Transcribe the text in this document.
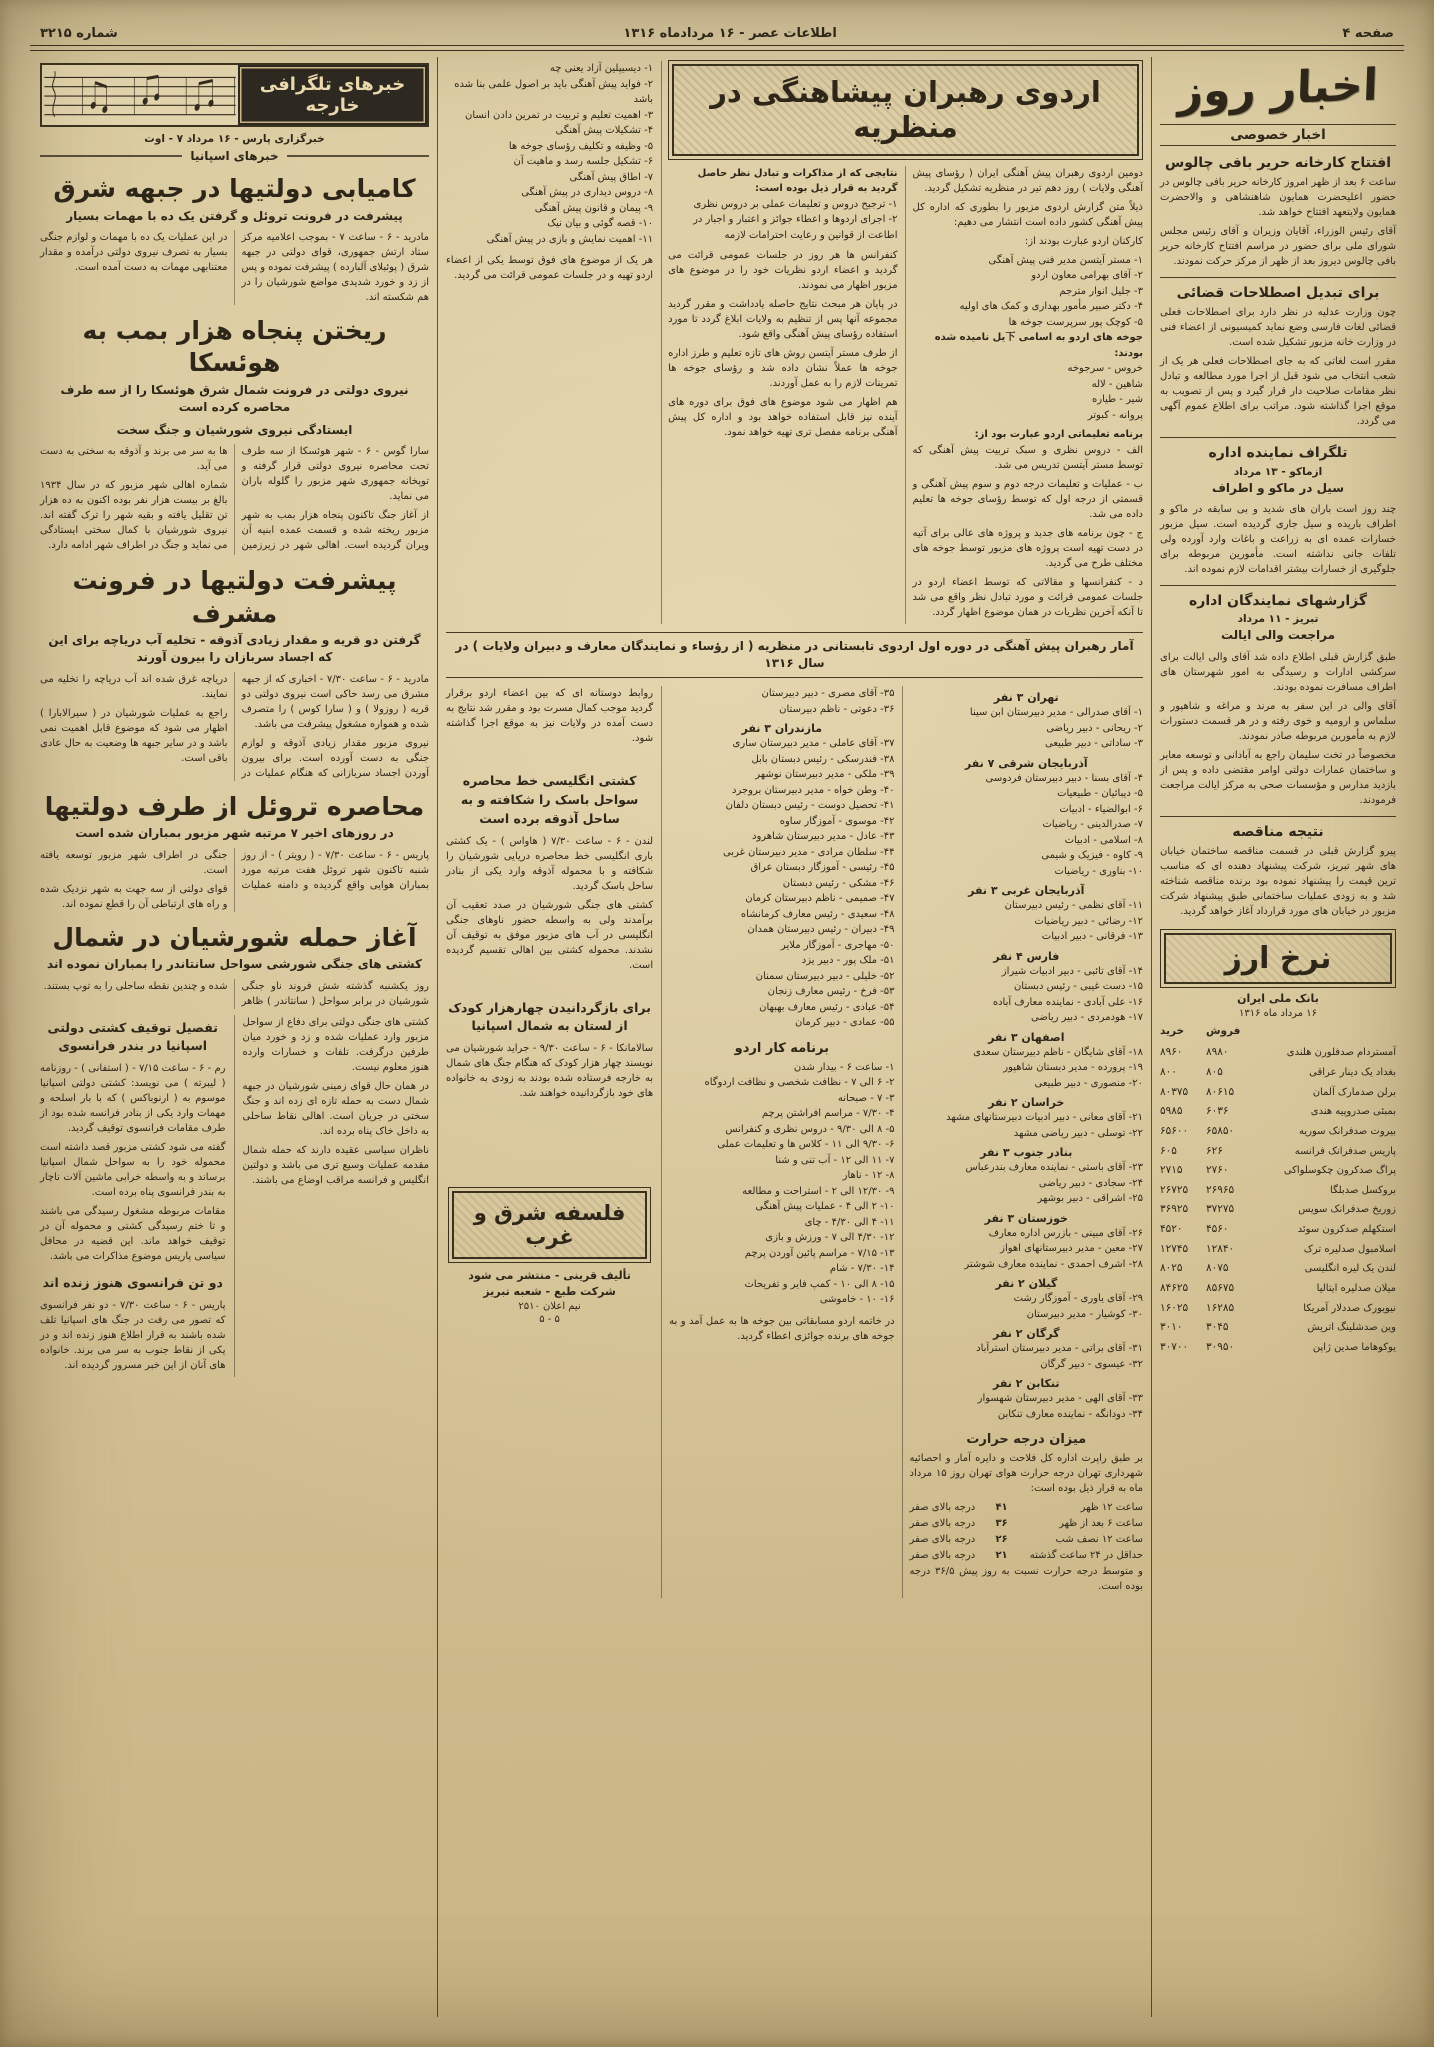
صفحه ۴
اطلاعات عصر - ۱۶ مردادماه ۱۳۱۶
شماره ۳۲۱۵
اخبار روز
اخبار خصوصی
افتتاح کارخانه حریر بافی چالوس

ساعت ۶ بعد از ظهر امروز کارخانه حریر بافی چالوس در حضور اعلیحضرت همایون شاهنشاهی و والاحضرت همایون ولایتعهد افتتاح خواهد شد.

آقای رئیس الوزراء، آقایان وزیران و آقای رئیس مجلس شورای ملی برای حضور در مراسم افتتاح کارخانه حریر بافی چالوس دیروز بعد از ظهر از مرکز حرکت نمودند.

برای تبدیل اصطلاحات قضائی

چون وزارت عدلیه در نظر دارد برای اصطلاحات فعلی قضائی لغات فارسی وضع نماید کمیسیونی از اعضاء فنی در وزارت خانه مزبور تشکیل شده است.

مقرر است لغاتی که به جای اصطلاحات فعلی هر یک از شعب انتخاب می شود قبل از اجرا مورد مطالعه و تبادل نظر مقامات صلاحیت دار قرار گیرد و پس از تصویب به موقع اجرا گذاشته شود. مراتب برای اطلاع عموم آگهی می گردد.

تلگراف نماینده اداره
ازماکو - ۱۳ مرداد
سیل در ماکو و اطراف

چند روز است باران های شدید و بی سابقه در ماکو و اطراف باریده و سیل جاری گردیده است. سیل مزبور خسارات عمده ای به زراعت و باغات وارد آورده ولی تلفات جانی نداشته است. مأمورین مربوطه برای جلوگیری از خسارات بیشتر اقدامات لازم نموده اند.

گزارشهای نمایندگان اداره
تبریز - ۱۱ مرداد
مراجعت والی ایالت

طبق گزارش قبلی اطلاع داده شد آقای والی ایالت برای سرکشی ادارات و رسیدگی به امور شهرستان های اطراف مسافرت نموده بودند.

آقای والی در این سفر به مرند و مراغه و شاهپور و سلماس و ارومیه و خوی رفته و در هر قسمت دستورات لازم به مأمورین مربوطه صادر نمودند.

مخصوصاً در تخت سلیمان راجع به آبادانی و توسعه معابر و ساختمان عمارات دولتی اوامر مقتضی داده و پس از بازدید مدارس و مؤسسات صحی به مرکز ایالت مراجعت فرمودند.

نتیجه مناقصه

پیرو گزارش قبلی در قسمت مناقصه ساختمان خیابان های شهر تبریز، شرکت پیشنهاد دهنده ای که مناسب ترین قیمت را پیشنهاد نموده بود برنده مناقصه شناخته شد و به زودی عملیات ساختمانی طبق پیشنهاد شرکت مزبور در خیابان های مورد قرارداد آغاز خواهد گردید.

نرخ ارز
بانک ملی ایران
۱۶ مرداد ماه ۱۳۱۶
فروش
خرید
آمستردام صدفلورن هلندی
۸۹۸۰
۸۹۶۰
بغداد یک دینار عراقی
۸۰۵
۸۰۰
برلن صدمارک آلمان
۸۰۶۱۵
۸۰۳۷۵
بمبئی صدروپیه هندی
۶۰۳۶
۵۹۸۵
بیروت صدفرانک سوریه
۶۵۸۵۰
۶۵۶۰۰
پاریس صدفرانک فرانسه
۶۲۶
۶۰۵
پراگ صدکرون چکوسلواکی
۲۷۶۰
۲۷۱۵
بروکسل صدبلگا
۲۶۹۶۵
۲۶۷۲۵
زوریخ صدفرانک سویس
۳۷۲۷۵
۳۶۹۲۵
استکهلم صدکرون سوئد
۴۵۶۰
۴۵۲۰
اسلامبول صدلیره ترک
۱۲۸۴۰
۱۲۷۴۵
لندن یک لیره انگلیسی
۸۰۷۵
۸۰۲۵
میلان صدلیره ایتالیا
۸۵۶۷۵
۸۴۶۲۵
نیویورک صددلار آمریکا
۱۶۲۸۵
۱۶۰۲۵
وین صدشلینگ اتریش
۳۰۴۵
۳۰۱۰
یوکوهاما صدین ژاپن
۳۰۹۵۰
۳۰۷۰۰
اردوی رهبران پیشاهنگی در منظریه

دومین اردوی رهبران پیش آهنگی ایران ( رؤسای پیش آهنگی ولایات ) روز دهم تیر در منظریه تشکیل گردید.

ذیلاً متن گزارش اردوی مزبور را بطوری که اداره کل پیش آهنگی کشور داده است انتشار می دهیم:

کارکنان اردو عبارت بودند از:

۱- مستر آیتسن مدیر فنی پیش آهنگی
۲- آقای بهرامی معاون اردو
۳- جلیل انوار مترجم
۴- دکتر صبیر مأمور بهداری و کمک های اولیه
۵- کوچک پور سرپرست جوخه ها
جوخه های اردو به اسامی 下یل نامیده شده بودند:
خروس - سرجوخه
شاهین - لاله
شیر - طیاره
پروانه - کبوتر
برنامه تعلیماتی اردو عبارت بود از:

الف - دروس نظری و سبک تربیت پیش آهنگی که توسط مستر آیتسن تدریس می شد.

ب - عملیات و تعلیمات درجه دوم و سوم پیش آهنگی و قسمتی از درجه اول که توسط رؤسای جوخه ها تعلیم داده می شد.

ج - چون برنامه های جدید و پروژه های عالی برای آتیه در دست تهیه است پروژه های مزبور توسط جوخه های مختلف طرح می گردید.

د - کنفرانسها و مقالاتی که توسط اعضاء اردو در جلسات عمومی قرائت و مورد تبادل نظر واقع می شد تا آنکه آخرین نظریات در همان موضوع اظهار گردد.

نتایجی که از مذاکرات و تبادل نظر حاصل گردید به قرار ذیل بوده است:
۱- ترجیح دروس و تعلیمات عملی بر دروس نظری
۲- اجرای اردوها و اعطاء جوائز و اعتبار و اجبار در اطاعت از قوانین و رعایت احترامات لازمه

کنفرانس ها هر روز در جلسات عمومی قرائت می گردید و اعضاء اردو نظریات خود را در موضوع های مزبور اظهار می نمودند.

در پایان هر مبحث نتایج حاصله یادداشت و مقرر گردید مجموعه آنها پس از تنظیم به ولایات ابلاغ گردد تا مورد استفاده رؤسای پیش آهنگی واقع شود.

از طرف مستر آیتسن روش های تازه تعلیم و طرز اداره جوخه ها عملاً نشان داده شد و رؤسای جوخه ها تمرینات لازم را به عمل آوردند.

هم اظهار می شود موضوع های فوق برای دوره های آینده نیز قابل استفاده خواهد بود و اداره کل پیش آهنگی برنامه مفصل تری تهیه خواهد نمود.

۱- دیسیپلین آزاد یعنی چه
۲- فواید پیش آهنگی باید بر اصول علمی بنا شده باشد
۳- اهمیت تعلیم و تربیت در تمرین دادن انسان
۴- تشکیلات پیش آهنگی
۵- وظیفه و تکلیف رؤسای جوخه ها
۶- تشکیل جلسه رسد و ماهیت آن
۷- اطاق پیش آهنگی
۸- دروس دیداری در پیش آهنگی
۹- پیمان و قانون پیش آهنگی
۱۰- قصه گوئی و بیان نیک
۱۱- اهمیت نمایش و بازی در پیش آهنگی

هر یک از موضوع های فوق توسط یکی از اعضاء اردو تهیه و در جلسات عمومی قرائت می گردید.

آمار رهبران پیش آهنگی در دوره اول اردوی تابستانی در منظریه ( از رؤساء و نمایندگان معارف و دبیران ولایات ) در سال ۱۳۱۶
تهران ۳ نفر
۱- آقای صدرالی - مدیر دبیرستان ابن سینا
۲- ریحانی - دبیر ریاضی
۳- ساداتی - دبیر طبیعی
آذربایجان شرقی ۷ نفر
۴- آقای بسنا - دبیر دبیرستان فردوسی
۵- دیبائیان - طبیعیات
۶- ابوالضیاء - ادبیات
۷- صدرالدینی - ریاضیات
۸- اسلامی - ادبیات
۹- کاوه - فیزیک و شیمی
۱۰- بناوری - ریاضیات
آذربایجان غربی ۳ نفر
۱۱- آقای نظمی - رئیس دبیرستان
۱۲- رضائی - دبیر ریاضیات
۱۳- فرقانی - دبیر ادبیات
فارس ۴ نفر
۱۴- آقای تائبی - دبیر ادبیات شیراز
۱۵- دست غیبی - رئیس دبستان
۱۶- علی آبادی - نماینده معارف آباده
۱۷- هودمردی - دبیر ریاضی
اصفهان ۳ نفر
۱۸- آقای شایگان - ناظم دبیرستان سعدی
۱۹- پرورده - مدیر دبستان شاهپور
۲۰- منصوری - دبیر طبیعی
خراسان ۲ نفر
۲۱- آقای معانی - دبیر ادبیات دبیرستانهای مشهد
۲۲- توسلی - دبیر ریاضی مشهد
بنادر جنوب ۳ نفر
۲۳- آقای باستی - نماینده معارف بندرعباس
۲۴- سجادی - دبیر ریاضی
۲۵- اشراقی - دبیر بوشهر
خوزستان ۳ نفر
۲۶- آقای مبینی - بازرس اداره معارف
۲۷- معین - مدیر دبیرستانهای اهواز
۲۸- اشرف احمدی - نماینده معارف شوشتر
گیلان ۲ نفر
۲۹- آقای یاوری - آموزگار رشت
۳۰- کوشیار - مدیر دبیرستان
گرگان ۲ نفر
۳۱- آقای براتی - مدیر دبیرستان استرآباد
۳۲- عیسوی - دبیر گرگان
تنکابن ۲ نفر
۳۳- آقای الهی - مدیر دبیرستان شهسوار
۳۴- دودانگه - نماینده معارف تنکابن
میزان درجه حرارت

بر طبق راپرت اداره کل فلاحت و دایره آمار و احصائیه شهرداری تهران درجه حرارت هوای تهران روز ۱۵ مرداد ماه به قرار ذیل بوده است:

ساعت ۱۲ ظهر
۴۱
درجه بالای صفر
ساعت ۶ بعد از ظهر
۳۶
درجه بالای صفر
ساعت ۱۲ نصف شب
۲۶
درجه بالای صفر
حداقل در ۲۴ ساعت گذشته
۲۱
درجه بالای صفر

و متوسط درجه حرارت نسبت به روز پیش ۳۶/۵ درجه بوده است.

۳۵- آقای مصری - دبیر دبیرستان
۳۶- دعوتی - ناظم دبیرستان
مازندران ۳ نفر
۳۷- آقای عاملی - مدیر دبیرستان ساری
۳۸- فندرسکی - رئیس دبستان بابل
۳۹- ملکی - مدیر دبیرستان نوشهر
۴۰- وطن خواه - مدیر دبیرستان بروجرد
۴۱- تحصیل دوست - رئیس دبستان دلفان
۴۲- موسوی - آموزگار ساوه
۴۳- عادل - مدیر دبیرستان شاهرود
۴۴- سلطان مرادی - مدیر دبیرستان غربی
۴۵- رئیسی - آموزگار دبستان عراق
۴۶- مشکی - رئیس دبستان
۴۷- صمیمی - ناظم دبیرستان کرمان
۴۸- سعیدی - رئیس معارف کرمانشاه
۴۹- دبیران - رئیس دبیرستان همدان
۵۰- مهاجری - آموزگار ملایر
۵۱- ملک پور - دبیر یزد
۵۲- خلیلی - دبیر دبیرستان سمنان
۵۳- فرخ - رئیس معارف زنجان
۵۴- عبادی - رئیس معارف بهبهان
۵۵- عمادی - دبیر کرمان
برنامه کار اردو
۱- ساعت ۶ - بیدار شدن
۲- ۶ الی ۷ - نظافت شخصی و نظافت اردوگاه
۳- ۷ - صبحانه
۴- ۷/۳۰ - مراسم افراشتن پرچم
۵- ۸ الی ۹/۳۰ - دروس نظری و کنفرانس
۶- ۹/۳۰ الی ۱۱ - کلاس ها و تعلیمات عملی
۷- ۱۱ الی ۱۲ - آب تنی و شنا
۸- ۱۲ - ناهار
۹- ۱۲/۳۰ الی ۲ - استراحت و مطالعه
۱۰- ۲ الی ۴ - عملیات پیش آهنگی
۱۱- ۴ الی ۴/۳۰ - چای
۱۲- ۴/۳۰ الی ۷ - ورزش و بازی
۱۳- ۷/۱۵ - مراسم پائین آوردن پرچم
۱۴- ۷/۳۰ - شام
۱۵- ۸ الی ۱۰ - کمپ فایر و تفریحات
۱۶- ۱۰ - خاموشی

در خاتمه اردو مسابقاتی بین جوخه ها به عمل آمد و به جوخه های برنده جوائزی اعطاء گردید.

روابط دوستانه ای که بین اعضاء اردو برقرار گردید موجب کمال مسرت بود و مقرر شد نتایج به دست آمده در ولایات نیز به موقع اجرا گذاشته شود.

کشتی انگلیسی خط محاصره سواحل باسک را شکافته و به ساحل آذوقه برده است

لندن - ۶ - ساعت ۷/۳۰ ( هاواس ) - یک کشتی باری انگلیسی خط محاصره دریایی شورشیان را شکافته و با محموله آذوقه وارد یکی از بنادر ساحل باسک گردید.

کشتی های جنگی شورشیان در صدد تعقیب آن برآمدند ولی به واسطه حضور ناوهای جنگی انگلیسی در آب های مزبور موفق به توقیف آن نشدند. محموله کشتی بین اهالی تقسیم گردیده است.

برای بازگردانیدن چهارهزار کودک از لستان به شمال اسپانیا

سالامانکا - ۶ - ساعت ۹/۳۰ - جراید شورشیان می نویسند چهار هزار کودک که هنگام جنگ های شمال به خارجه فرستاده شده بودند به زودی به خانواده های خود بازگردانیده خواهند شد.

فلسفه شرق و غرب
تألیف قرینی - منتشر می شود
شرکت طبع - شعبه تبریز
نیم اعلان ۲۵۱۰
۵ - ۵
خبرهای تلگرافی خارجه
خبرگزاری پارس - ۱۶ مرداد ۷ - اوت
خبرهای اسپانیا
کامیابی دولتیها در جبهه شرق
پیشرفت در فرونت تروئل و گرفتن یک ده با مهمات بسیار

مادرید - ۶ - ساعت ۷ - بموجب اعلامیه مرکز ستاد ارتش جمهوری، قوای دولتی در جبهه شرق ( پوئبلای آلبارده ) پیشرفت نموده و پس از زد و خورد شدیدی مواضع شورشیان را در هم شکسته اند.

در این عملیات یک ده با مهمات و لوازم جنگی بسیار به تصرف نیروی دولتی درآمده و مقدار معتنابهی مهمات به دست آمده است.

ریختن پنجاه هزار بمب به هوئسکا
نیروی دولتی در فرونت شمال شرق هوئسکا را از سه طرف محاصره کرده است
ایستادگی نیروی شورشیان و جنگ سخت

سارا گوس - ۶ - شهر هوئسکا از سه طرف تحت محاصره نیروی دولتی قرار گرفته و توپخانه جمهوری شهر مزبور را گلوله باران می نماید.

از آغاز جنگ تاکنون پنجاه هزار بمب به شهر مزبور ریخته شده و قسمت عمده ابنیه آن ویران گردیده است. اهالی شهر در زیرزمین ها به سر می برند و آذوقه به سختی به دست می آید.

شماره اهالی شهر مزبور که در سال ۱۹۳۴ بالغ بر بیست هزار نفر بوده اکنون به ده هزار تن تقلیل یافته و بقیه شهر را ترک گفته اند. نیروی شورشیان با کمال سختی ایستادگی می نماید و جنگ در اطراف شهر ادامه دارد.

پیشرفت دولتیها در فرونت مشرف
گرفتن دو قریه و مقدار زیادی آذوقه - تخلیه آب دریاچه برای این که اجساد سربازان را بیرون آورند

مادرید - ۶ - ساعت ۷/۳۰ - اخباری که از جبهه مشرق می رسد حاکی است نیروی دولتی دو قریه ( روزولا ) و ( سارا کوس ) را متصرف شده و همواره مشغول پیشرفت می باشد.

نیروی مزبور مقدار زیادی آذوقه و لوازم جنگی به دست آورده است. برای بیرون آوردن اجساد سربازانی که هنگام عملیات در دریاچه غرق شده اند آب دریاچه را تخلیه می نمایند.

راجع به عملیات شورشیان در ( سیرالابارا ) اظهار می شود که موضوع قابل اهمیت نمی باشد و در سایر جبهه ها وضعیت به حال عادی باقی است.

محاصره تروئل از طرف دولتیها
در روزهای اخیر ۷ مرتبه شهر مزبور بمباران شده است

پاریس - ۶ - ساعت ۷/۳۰ - ( رویتر ) - از روز شنبه تاکنون شهر تروئل هفت مرتبه مورد بمباران هوایی واقع گردیده و دامنه عملیات جنگی در اطراف شهر مزبور توسعه یافته است.

قوای دولتی از سه جهت به شهر نزدیک شده و راه های ارتباطی آن را قطع نموده اند.

آغاز حمله شورشیان در شمال
کشتی های جنگی شورشی سواحل سانتاندر را بمباران نموده اند

روز یکشنبه گذشته شش فروند ناو جنگی شورشیان در برابر سواحل ( سانتاندر ) ظاهر شده و چندین نقطه ساحلی را به توپ بستند.

کشتی های جنگی دولتی برای دفاع از سواحل مزبور وارد عملیات شده و زد و خورد میان طرفین درگرفت. تلفات و خسارات وارده هنوز معلوم نیست.

در همان حال قوای زمینی شورشیان در جبهه شمال دست به حمله تازه ای زده اند و جنگ سختی در جریان است. اهالی نقاط ساحلی به داخل خاک پناه برده اند.

ناظران سیاسی عقیده دارند که حمله شمال مقدمه عملیات وسیع تری می باشد و دولتین انگلیس و فرانسه مراقب اوضاع می باشند.

تفصیل توقیف کشتی دولتی اسپانیا در بندر فرانسوی

رم - ۶ - ساعت ۷/۱۵ - ( استفانی ) - روزنامه ( لیبرته ) می نویسد: کشتی دولتی اسپانیا موسوم به ( ارنوباکس ) که با بار اسلحه و مهمات وارد یکی از بنادر فرانسه شده بود از طرف مقامات فرانسوی توقیف گردید.

گفته می شود کشتی مزبور قصد داشته است محموله خود را به سواحل شمال اسپانیا برساند و به واسطه خرابی ماشین آلات ناچار به بندر فرانسوی پناه برده است.

مقامات مربوطه مشغول رسیدگی می باشند و تا ختم رسیدگی کشتی و محموله آن در توقیف خواهد ماند. این قضیه در محافل سیاسی پاریس موضوع مذاکرات می باشد.

دو تن فرانسوی هنوز زنده اند

پاریس - ۶ - ساعت ۷/۳۰ - دو نفر فرانسوی که تصور می رفت در جنگ های اسپانیا تلف شده باشند به قرار اطلاع هنوز زنده اند و در یکی از نقاط جنوب به سر می برند. خانواده های آنان از این خبر مسرور گردیده اند.
